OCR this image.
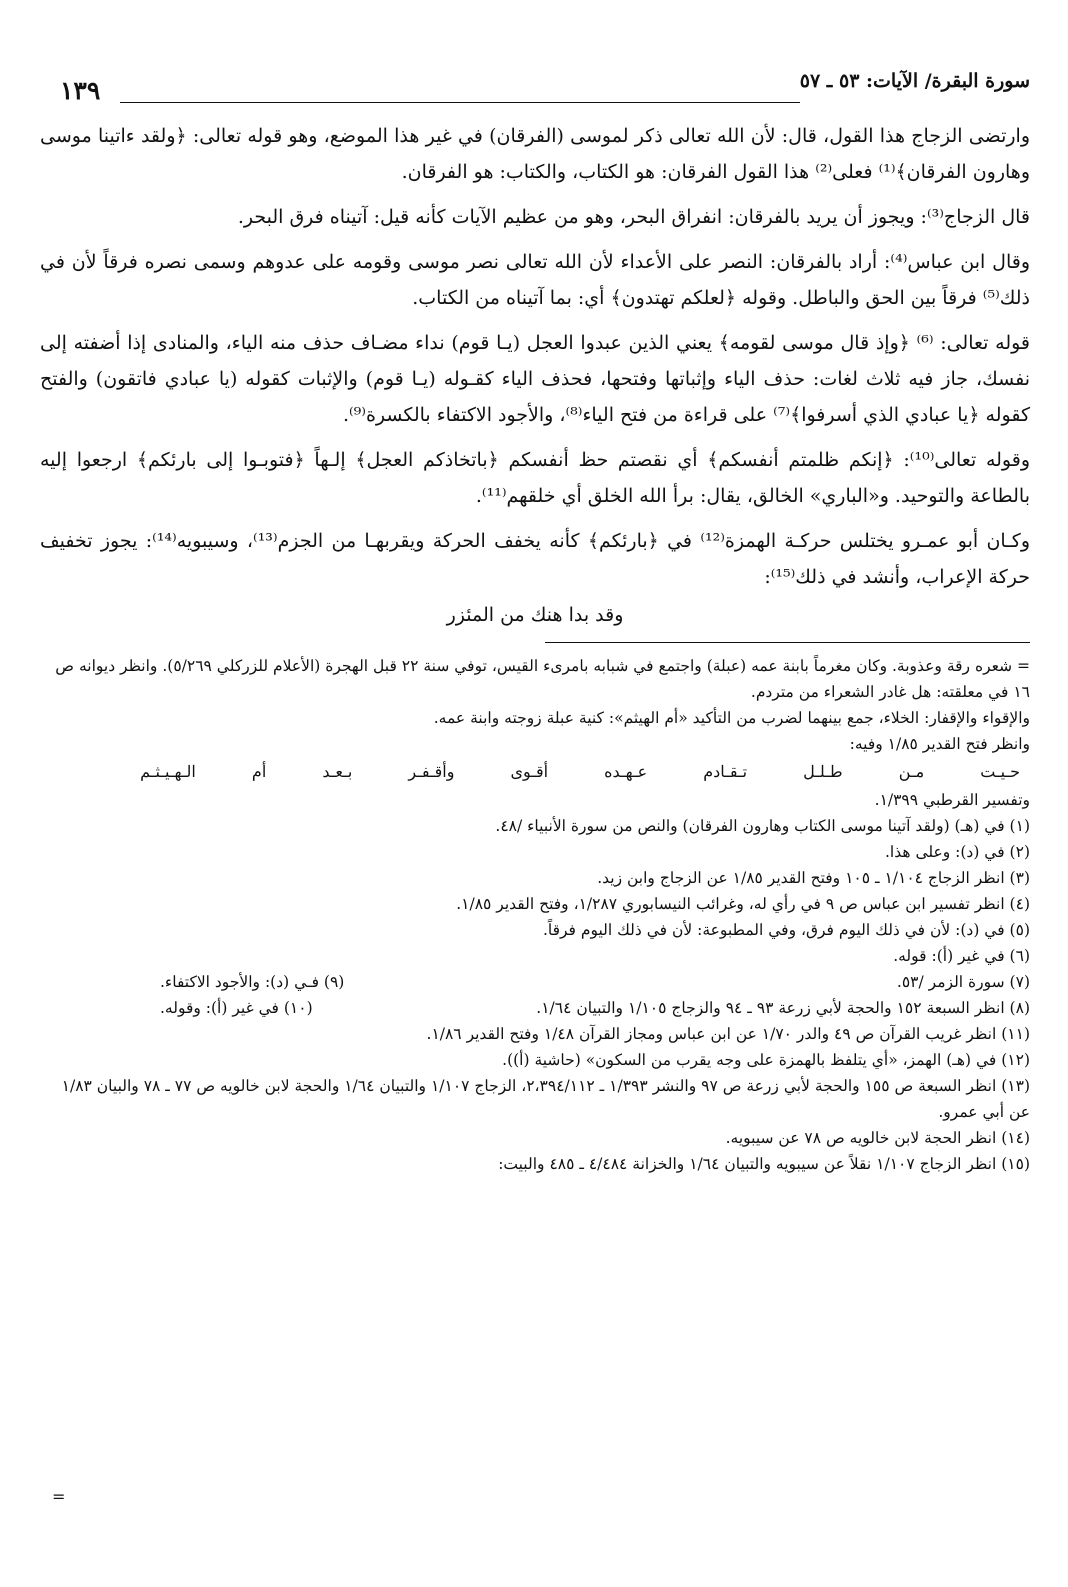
سورة البقرة/ الآيات: ٥٣ ـ ٥٧
١٣٩

وارتضى الزجاج هذا القول، قال: لأن الله تعالى ذكر لموسى (الفرقان) في غير هذا الموضع، وهو قوله تعالى: ﴿ولقد ءاتينا موسى وهارون الفرقان﴾⁽¹⁾ فعلى⁽²⁾ هذا القول الفرقان: هو الكتاب، والكتاب: هو الفرقان.

قال الزجاج⁽³⁾: ويجوز أن يريد بالفرقان: انفراق البحر، وهو من عظيم الآيات كأنه قيل: آتيناه فرق البحر.

وقال ابن عباس⁽⁴⁾: أراد بالفرقان: النصر على الأعداء لأن الله تعالى نصر موسى وقومه على عدوهم وسمى نصره فرقاً لأن في ذلك⁽⁵⁾ فرقاً بين الحق والباطل. وقوله ﴿لعلكم تهتدون﴾ أي: بما آتيناه من الكتاب.

قوله تعالى: ⁽⁶⁾ ﴿وإذ قال موسى لقومه﴾ يعني الذين عبدوا العجل (يـا قوم) نداء مضـاف حذف منه الياء، والمنادى إذا أضفته إلى نفسك، جاز فيه ثلاث لغات: حذف الياء وإثباتها وفتحها، فحذف الياء كقـوله (يـا قوم) والإثبات كقوله (يا عبادي فاتقون) والفتح كقوله ﴿يا عبادي الذي أسرفوا﴾⁽⁷⁾ على قراءة من فتح الياء⁽⁸⁾، والأجود الاكتفاء بالكسرة⁽⁹⁾.

وقوله تعالى⁽¹⁰⁾: ﴿إنكم ظلمتم أنفسكم﴾ أي نقصتم حظ أنفسكم ﴿باتخاذكم العجل﴾ إلـهاً ﴿فتوبـوا إلى بارئكم﴾ ارجعوا إليه بالطاعة والتوحيد. و«الباري» الخالق، يقال: برأ الله الخلق أي خلقهم⁽¹¹⁾.

وكـان أبو عمـرو يختلس حركـة الهمزة⁽¹²⁾ في ﴿بارئكم﴾ كأنه يخفف الحركة ويقربهـا من الجزم⁽¹³⁾، وسيبويه⁽¹⁴⁾: يجوز تخفيف حركة الإعراب، وأنشد في ذلك⁽¹⁵⁾:

وقد بدا هنك من المئزر

= شعره رقة وعذوبة. وكان مغرماً بابنة عمه (عبلة) واجتمع في شبابه بامرىء القيس، توفي سنة ٢٢ قبل الهجرة (الأعلام للزركلي ٥/٢٦٩). وانظر ديوانه ص ١٦ في معلقته: هل غادر الشعراء من متردم.

والإقواء والإقفار: الخلاء، جمع بينهما لضرب من التأكيد «أم الهيثم»: كنية عبلة زوجته وابنة عمه.

وانظر فتح القدير ١/٨٥ وفيه:

حـيـت
مـن
طـلـل
تـقـادم
عـهـده
أقـوى
وأقـفـر
بـعـد
أم
الـهـيـثـم

وتفسير القرطبي ١/٣٩٩.

(١) في (هـ) (ولقد آتينا موسى الكتاب وهارون الفرقان) والنص من سورة الأنبياء /٤٨.

(٢) في (د): وعلى هذا.

(٣) انظر الزجاج ١/١٠٤ ـ ١٠٥ وفتح القدير ١/٨٥ عن الزجاج وابن زيد.

(٤) انظر تفسير ابن عباس ص ٩ في رأي له، وغرائب النيسابوري ١/٢٨٧، وفتح القدير ١/٨٥.

(٥) في (د): لأن في ذلك اليوم فرق، وفي المطبوعة: لأن في ذلك اليوم فرقاً.

(٦) في غير (أ): قوله.

(٧) سورة الزمر /٥٣.
(٩) فـي (د): والأجود الاكتفاء.
(٨) انظر السبعة ١٥٢ والحجة لأبي زرعة ٩٣ ـ ٩٤ والزجاج ١/١٠٥ والتبيان ١/٦٤.
(١٠) في غير (أ): وقوله.

(١١) انظر غريب القرآن ص ٤٩ والدر ١/٧٠ عن ابن عباس ومجاز القرآن ١/٤٨ وفتح القدير ١/٨٦.

(١٢) في (هـ) الهمز، «أي يتلفظ بالهمزة على وجه يقرب من السكون» (حاشية (أ)).

(١٣) انظر السبعة ص ١٥٥ والحجة لأبي زرعة ص ٩٧ والنشر ١/٣٩٣ ـ ٢،٣٩٤/١١٢، الزجاج ١/١٠٧ والتبيان ١/٦٤ والحجة لابن خالويه ص ٧٧ ـ ٧٨ والبيان ١/٨٣ عن أبي عمرو.

(١٤) انظر الحجة لابن خالويه ص ٧٨ عن سيبويه.

(١٥) انظر الزجاج ١/١٠٧ نقلاً عن سيبويه والتبيان ١/٦٤ والخزانة ٤/٤٨٤ ـ ٤٨٥ والبيت:

=
